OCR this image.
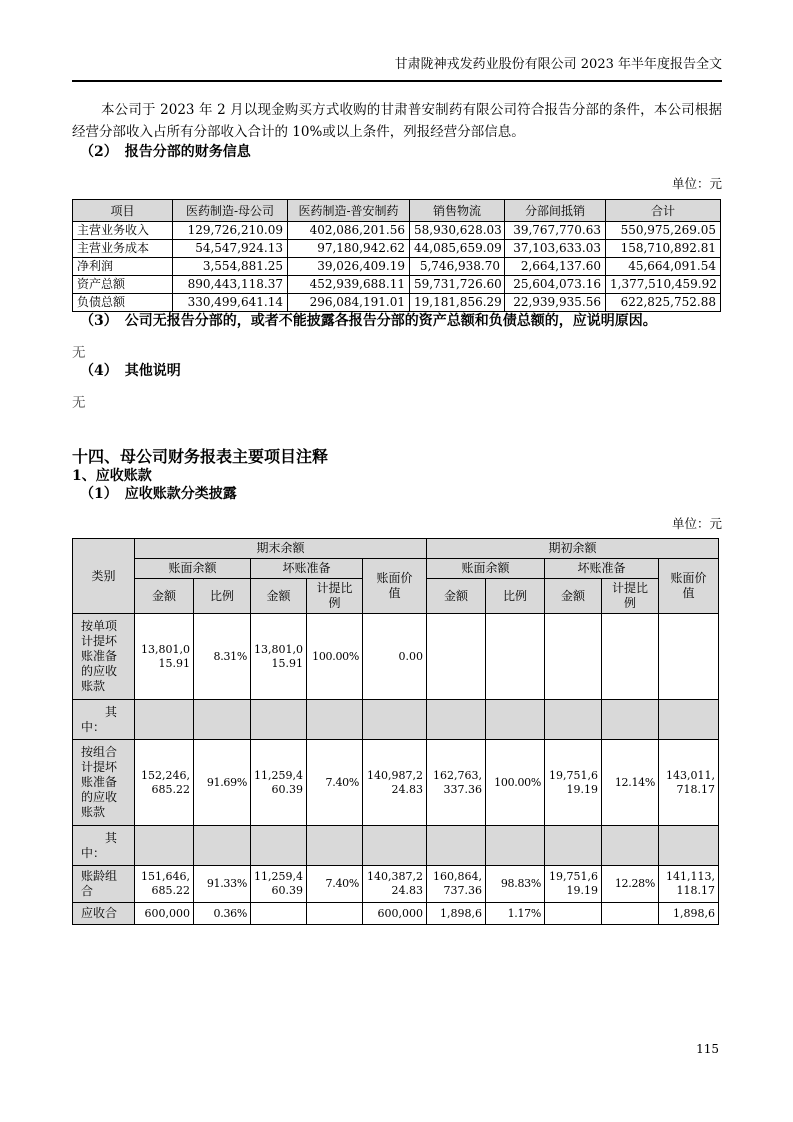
甘肃陇神戎发药业股份有限公司 2023 年半年度报告全文

本公司于 2023 年 2 月以现金购买方式收购的甘肃普安制药有限公司符合报告分部的条件，本公司根据经营分部收入占所有分部收入合计的 10%或以上条件，列报经营分部信息。

（2）　报告分部的财务信息
单位：元
项目	医药制造-母公司	医药制造-普安制药	销售物流	分部间抵销	合计
主营业务收入	129,726,210.09	402,086,201.56	58,930,628.03	39,767,770.63	550,975,269.05
主营业务成本	54,547,924.13	97,180,942.62	44,085,659.09	37,103,633.03	158,710,892.81
净利润	3,554,881.25	39,026,409.19	5,746,938.70	2,664,137.60	45,664,091.54
资产总额	890,443,118.37	452,939,688.11	59,731,726.60	25,604,073.16	1,377,510,459.92
负债总额	330,499,641.14	296,084,191.01	19,181,856.29	22,939,935.56	622,825,752.88
（3）　公司无报告分部的，或者不能披露各报告分部的资产总额和负债总额的，应说明原因。

无

（4）　其他说明

无

十四、母公司财务报表主要项目注释
1、应收账款
（1）　应收账款分类披露
单位：元
类别	期末余额					期初余额				
	账面余额		坏账准备		账面价值	账面余额		坏账准备		账面价值
	金额	比例	金额	计提比例		金额	比例	金额	计提比例	
按单项计提坏账准备的应收账款	13,801,015.91	8.31%	13,801,015.91	100.00%	0.00					
其中：										
按组合计提坏账准备的应收账款	152,246,685.22	91.69%	11,259,460.39	7.40%	140,987,224.83	162,763,337.36	100.00%	19,751,619.19	12.14%	143,011,718.17
其中：										
账龄组合	151,646,685.22	91.33%	11,259,460.39	7.40%	140,387,224.83	160,864,737.36	98.83%	19,751,619.19	12.28%	141,113,118.17
应收合	600,000	0.36%			600,000	1,898,6	1.17%			1,898,6
115
